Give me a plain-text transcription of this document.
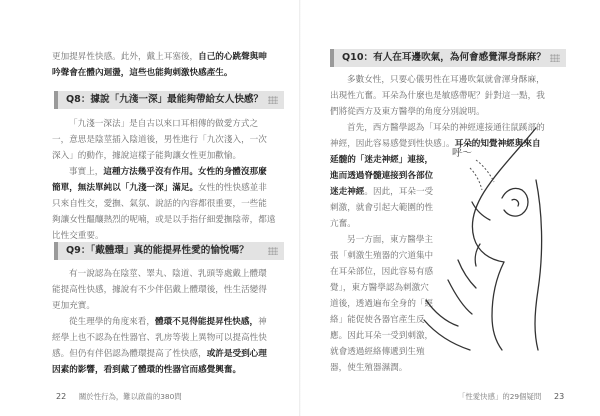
更加提昇性快感。此外，戴上耳塞後，自己的心跳聲與呻
吟聲會在體內迴盪，這些也能夠刺激快感產生。
Q8：據說「九淺一深」最能夠帶給女人快感？
「九淺一深法」是自古以來口耳相傳的做愛方式之
一，意思是陰莖插入陰道後，男性進行「九次淺入，一次
深入」的動作，據說這樣子能夠讓女性更加歡愉。
事實上，這種方法幾乎沒有作用。女性的身體沒那麼
簡單，無法單純以「九淺一深」滿足。女性的性快感並非
只來自性交，愛撫、氣氛、說話的內容都很重要，一些能
夠讓女性醞釀熱烈的呢喃，或是以手指仔細愛撫陰蒂，都遠
比性交重要。
Q9：「戴體環」真的能提昇性愛的愉悅嗎？
有一說認為在陰莖、睪丸、陰道、乳頭等處戴上體環
能提高性快感，據說有不少伴侶戴上體環後，性生活變得
更加充實。
從生理學的角度來看，體環不見得能提昇性快感，神
經學上也不認為在性器官、乳房等裝上異物可以提高性快
感。但仍有伴侶認為體環提高了性快感，或許是受到心理
因素的影響，看到戴了體環的性器官而感覺興奮。
22 關於性行為，難以啟齒的380問
Q10：有人在耳邊吹氣，為何會感覺渾身酥麻？
多數女性，只要心儀男性在耳邊吹氣就會渾身酥麻，
出現性亢奮。耳朵為什麼也是敏感帶呢？針對這一點，我
們將從西方及東方醫學的角度分別說明。
首先，西方醫學認為「耳朵的神經連接通往鼠蹊部的
神經，因此容易感覺到性快感」。耳朵的知覺神經與來自
延髓的「迷走神經」連接，
進而透過脊髓連接到各部位
迷走神經。因此，耳朵一受
刺激，就會引起大範圍的性
亢奮。
另一方面，東方醫學主
張「刺激生殖器的穴道集中
在耳朵部位，因此容易有感
覺」，東方醫學認為刺激穴
道後，透過遍布全身的「經
絡」能促使各器官產生反
應。因此耳朵一受到刺激，
就會透過經絡傳遞到生殖
器，使生殖器濕潤。
「性愛快感」的29個疑問 23
呼～
